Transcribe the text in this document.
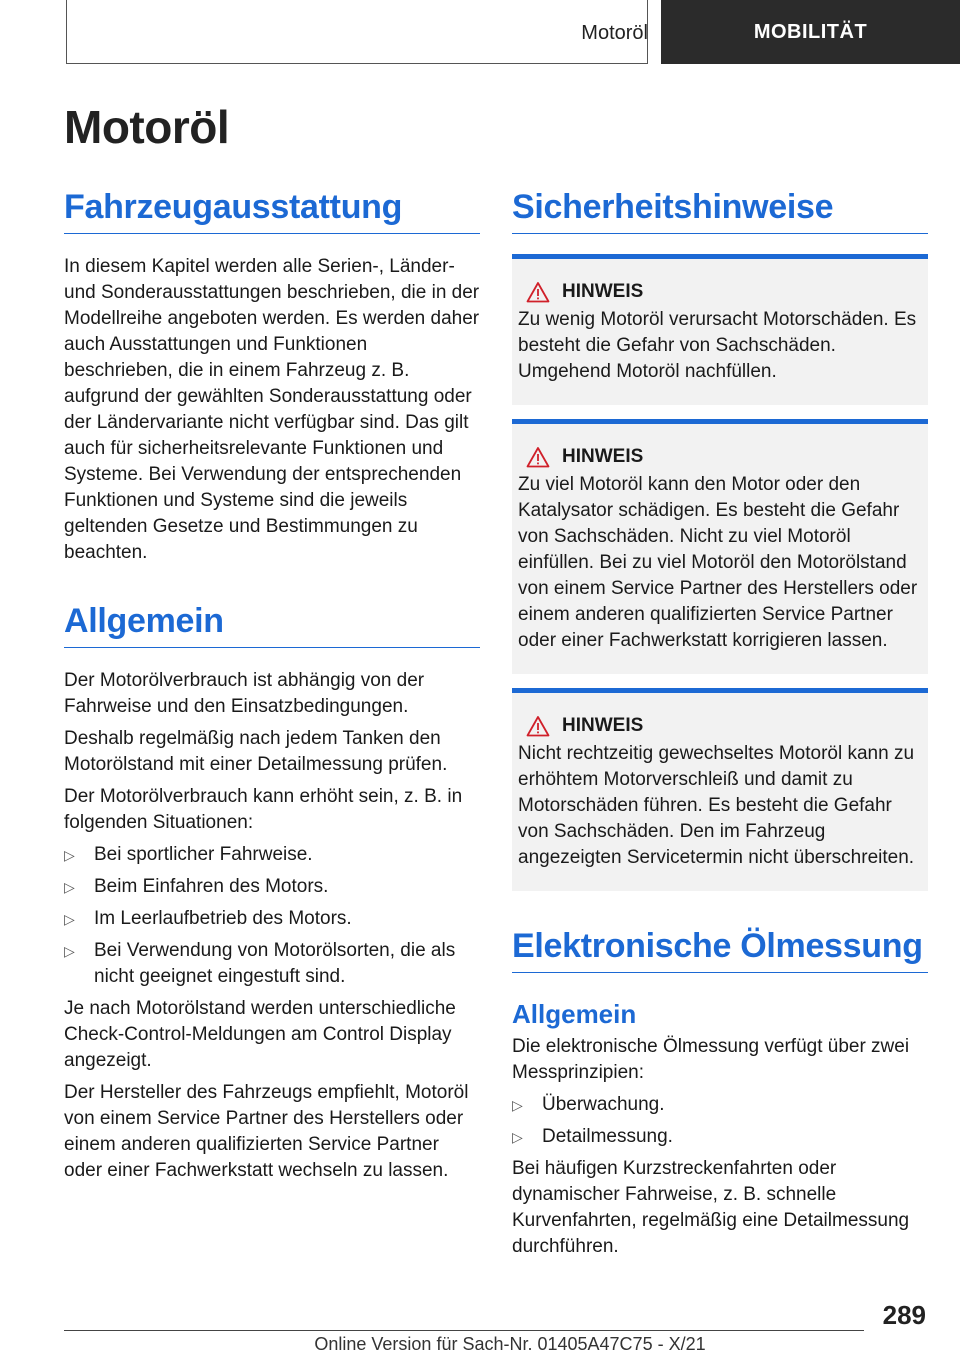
Motoröl	MOBILITÄT
Motoröl
Fahrzeugausstattung

In diesem Kapitel werden alle Serien-, Länder- und Sonderausstattungen beschrieben, die in der Modellreihe angeboten werden. Es werden daher auch Ausstattungen und Funktionen beschrieben, die in einem Fahrzeug z. B. aufgrund der gewählten Sonderausstattung oder der Ländervariante nicht verfügbar sind. Das gilt auch für sicherheitsrelevante Funktionen und Systeme. Bei Verwendung der entsprechenden Funktionen und Systeme sind die jeweils geltenden Gesetze und Bestimmungen zu beachten.

Allgemein

Der Motorölverbrauch ist abhängig von der Fahrweise und den Einsatzbedingungen.

Deshalb regelmäßig nach jedem Tanken den Motorölstand mit einer Detailmessung prüfen.

Der Motorölverbrauch kann erhöht sein, z. B. in folgenden Situationen:

▷ Bei sportlicher Fahrweise.
▷ Beim Einfahren des Motors.
▷ Im Leerlaufbetrieb des Motors.
▷ Bei Verwendung von Motorölsorten, die als nicht geeignet eingestuft sind.

Je nach Motorölstand werden unterschiedliche Check-Control-Meldungen am Control Display angezeigt.

Der Hersteller des Fahrzeugs empfiehlt, Motoröl von einem Service Partner des Herstellers oder einem anderen qualifizierten Service Partner oder einer Fachwerkstatt wechseln zu lassen.

Sicherheitshinweise
HINWEIS

Zu wenig Motoröl verursacht Motorschäden. Es besteht die Gefahr von Sachschäden. Umgehend Motoröl nachfüllen.

HINWEIS

Zu viel Motoröl kann den Motor oder den Katalysator schädigen. Es besteht die Gefahr von Sachschäden. Nicht zu viel Motoröl einfüllen. Bei zu viel Motoröl den Motorölstand von einem Service Partner des Herstellers oder einem anderen qualifizierten Service Partner oder einer Fachwerkstatt korrigieren lassen.

HINWEIS

Nicht rechtzeitig gewechseltes Motoröl kann zu erhöhtem Motorverschleiß und damit zu Motorschäden führen. Es besteht die Gefahr von Sachschäden. Den im Fahrzeug angezeigten Servicetermin nicht überschreiten.

Elektronische Ölmessung
Allgemein

Die elektronische Ölmessung verfügt über zwei Messprinzipien:

▷ Überwachung.
▷ Detailmessung.

Bei häufigen Kurzstreckenfahrten oder dynamischer Fahrweise, z. B. schnelle Kurvenfahrten, regelmäßig eine Detailmessung durchführen.

289
Online Version für Sach-Nr. 01405A47C75 - X/21
